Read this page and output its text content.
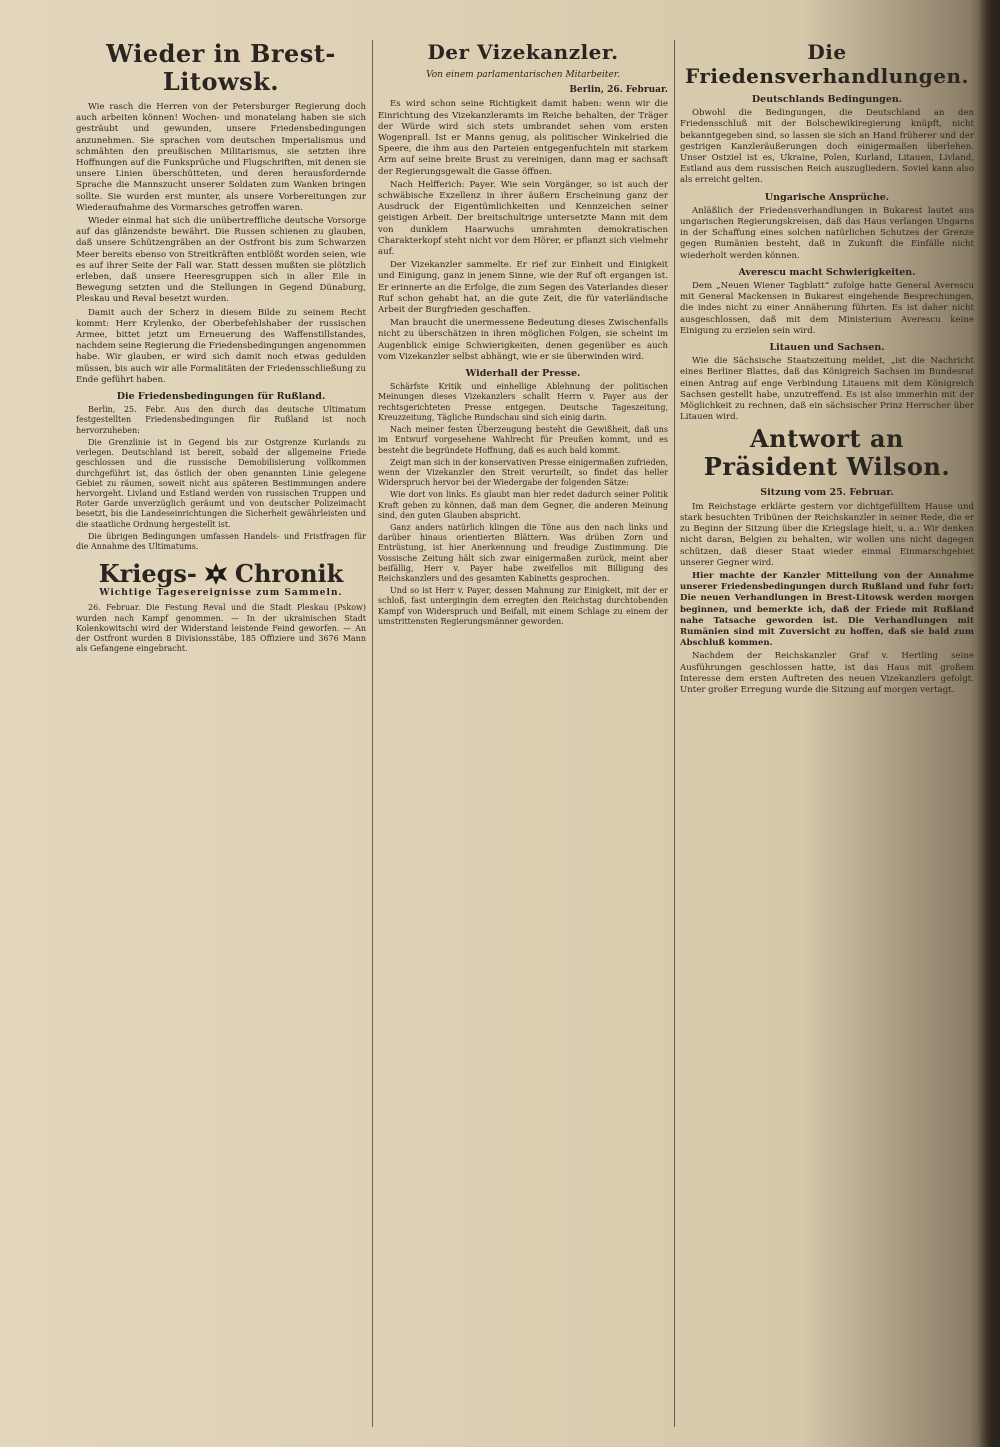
Wieder in Brest-Litowsk.

Wie rasch die Herren von der Petersburger Regierung doch auch arbeiten können! Wochen- und monatelang haben sie sich gesträubt und gewunden, unsere Friedensbedingungen anzunehmen. Sie sprachen vom deutschen Imperialismus und schmähten den preußischen Militarismus, sie setzten ihre Hoffnungen auf die Funksprüche und Flugschriften, mit denen sie unsere Linien überschütteten, und deren herausfordernde Sprache die Mannszucht unserer Soldaten zum Wanken bringen sollte. Sie wurden erst munter, als unsere Vorbereitungen zur Wiederaufnahme des Vormarsches getroffen waren.

Wieder einmal hat sich die unübertreffliche deutsche Vorsorge auf das glänzendste bewährt. Die Russen schienen zu glauben, daß unsere Schützengräben an der Ostfront bis zum Schwarzen Meer bereits ebenso von Streitkräften entblößt worden seien, wie es auf ihrer Seite der Fall war. Statt dessen mußten sie plötzlich erleben, daß unsere Heeresgruppen sich in aller Eile in Bewegung setzten und die Stellungen in Gegend Dünaburg, Pleskau und Reval besetzt wurden.

Damit auch der Scherz in diesem Bilde zu seinem Recht kommt: Herr Krylenko, der Oberbefehlshaber der russischen Armee, bittet jetzt um Erneuerung des Waffenstillstandes, nachdem seine Regierung die Friedensbedingungen angenommen habe. Wir glauben, er wird sich damit noch etwas gedulden müssen, bis auch wir alle Formalitäten der Friedensschließung zu Ende geführt haben.

Die Friedensbedingungen für Rußland.

Berlin, 25. Febr. Aus den durch das deutsche Ultimatum festgestellten Friedensbedingungen für Rußland ist noch hervorzuheben:

Die Grenzlinie ist in Gegend bis zur Ostgrenze Kurlands zu verlegen. Deutschland ist bereit, sobald der allgemeine Friede geschlossen und die russische Demobilisierung vollkommen durchgeführt ist, das östlich der oben genannten Linie gelegene Gebiet zu räumen, soweit nicht aus späteren Bestimmungen andere hervorgeht. Livland und Estland werden von russischen Truppen und Roter Garde unverzüglich geräumt und von deutscher Polizeimacht besetzt, bis die Landeseinrichtungen die Sicherheit gewährleisten und die staatliche Ordnung hergestellt ist.

Die übrigen Bedingungen umfassen Handels- und Fristfragen für die Annahme des Ultimatums.

Kriegs- Chronik
Wichtige Tagesereignisse zum Sammeln.

26. Februar. Die Festung Reval und die Stadt Pleskau (Pskow) wurden nach Kampf genommen. — In der ukrainischen Stadt Kolenkowitschi wird der Widerstand leistende Feind geworfen. — An der Ostfront wurden 8 Divisionsstäbe, 185 Offiziere und 3676 Mann als Gefangene eingebracht.

Der Vizekanzler.
Von einem parlamentarischen Mitarbeiter.
Berlin, 26. Februar.

Es wird schon seine Richtigkeit damit haben: wenn wir die Einrichtung des Vizekanzleramts im Reiche behalten, der Träger der Würde wird sich stets umbrandet sehen vom ersten Wogenprall. Ist er Manns genug, als politischer Winkelried die Speere, die ihm aus den Parteien entgegenfuchteln mit starkem Arm auf seine breite Brust zu vereinigen, dann mag er sachsaft der Regierungsgewalt die Gasse öffnen.

Nach Helfferich: Payer. Wie sein Vorgänger, so ist auch der schwäbische Exzellenz in ihrer äußern Erscheinung ganz der Ausdruck der Eigentümlichkeiten und Kennzeichen seiner geistigen Arbeit. Der breitschultrige untersetzte Mann mit dem von dunklem Haarwuchs umrahmten demokratischen Charakterkopf steht nicht vor dem Hörer, er pflanzt sich vielmehr auf.

Der Vizekanzler sammelte. Er rief zur Einheit und Einigkeit und Einigung, ganz in jenem Sinne, wie der Ruf oft ergangen ist. Er erinnerte an die Erfolge, die zum Segen des Vaterlandes dieser Ruf schon gehabt hat, an die gute Zeit, die für vaterländische Arbeit der Burgfrieden geschaffen.

Man braucht die unermessene Bedeutung dieses Zwischenfalls nicht zu überschätzen in ihren möglichen Folgen, sie scheint im Augenblick einige Schwierigkeiten, denen gegenüber es auch vom Vizekanzler selbst abhängt, wie er sie überwinden wird.

Widerhall der Presse.

Schärfste Kritik und einhellige Ablehnung der politischen Meinungen dieses Vizekanzlers schallt Herrn v. Payer aus der rechtsgerichteten Presse entgegen. Deutsche Tageszeitung, Kreuzzeitung, Tägliche Rundschau sind sich einig darin.

Nach meiner festen Überzeugung besteht die Gewißheit, daß uns im Entwurf vorgesehene Wahlrecht für Preußen kommt, und es besteht die begründete Hoffnung, daß es auch bald kommt.

Zeigt man sich in der konservativen Presse einigermaßen zufrieden, wenn der Vizekanzler den Streit verurteilt, so findet das heller Widerspruch hervor bei der Wiedergabe der folgenden Sätze:

Wie dort von links. Es glaubt man hier redet dadurch seiner Politik Kraft geben zu können, daß man dem Gegner, die anderen Meinung sind, den guten Glauben abspricht.

Ganz anders natürlich klingen die Töne aus den nach links und darüber hinaus orientierten Blättern. Was drüben Zorn und Entrüstung, ist hier Anerkennung und freudige Zustimmung. Die Vossische Zeitung hält sich zwar einigermaßen zurück, meint aber beifällig, Herr v. Payer habe zweifellos mit Billigung des Reichskanzlers und des gesamten Kabinetts gesprochen.

Und so ist Herr v. Payer, dessen Mahnung zur Einigkeit, mit der er schloß, fast untergingin dem erregten den Reichstag durchtobenden Kampf von Widerspruch und Beifall, mit einem Schlage zu einem der umstrittensten Regierungsmänner geworden.

Die Friedensverhandlungen.
Deutschlands Bedingungen.

Obwohl die Bedingungen, die Deutschland an den Friedensschluß mit der Bolschewikiregierung knüpft, nicht bekanntgegeben sind, so lassen sie sich an Hand früherer und der gestrigen Kanzleräußerungen doch einigermaßen überlehen. Unser Ostziel ist es, Ukraine, Polen, Kurland, Litauen, Livland, Estland aus dem russischen Reich auszugliedern. Soviel kann also als erreicht gelten.

Ungarische Ansprüche.

Anläßlich der Friedensverhandlungen in Bukarest lautet aus ungarischen Regierungskreisen, daß das Haus verlangen Ungarns in der Schaffung eines solchen natürlichen Schutzes der Grenze gegen Rumänien besteht, daß in Zukunft die Einfälle nicht wiederholt werden können.

Averescu macht Schwierigkeiten.

Dem „Neuen Wiener Tagblatt“ zufolge hatte General Averescu mit General Mackensen in Bukarest eingehende Besprechungen, die indes nicht zu einer Annäherung führten. Es ist daher nicht ausgeschlossen, daß mit dem Ministerium Averescu keine Einigung zu erzielen sein wird.

Litauen und Sachsen.

Wie die Sächsische Staatszeitung meldet, „ist die Nachricht eines Berliner Blattes, daß das Königreich Sachsen im Bundesrat einen Antrag auf enge Verbindung Litauens mit dem Königreich Sachsen gestellt habe, unzutreffend. Es ist also immerhin mit der Möglichkeit zu rechnen, daß ein sächsischer Prinz Herrscher über Litauen wird.

Antwort an Präsident Wilson.
Sitzung vom 25. Februar.

Im Reichstage erklärte gestern vor dichtgefülltem Hause und stark besuchten Tribünen der Reichskanzler in seiner Rede, die er zu Beginn der Sitzung über die Kriegslage hielt, u. a.: Wir denken nicht daran, Belgien zu behalten, wir wollen uns nicht dagegen schützen, daß dieser Staat wieder einmal Einmarschgebiet unserer Gegner wird.

Hier machte der Kanzler Mitteilung von der Annahme unserer Friedensbedingungen durch Rußland und fuhr fort: Die neuen Verhandlungen in Brest-Litowsk werden morgen beginnen, und bemerkte ich, daß der Friede mit Rußland nahe Tatsache geworden ist. Die Verhandlungen mit Rumänien sind mit Zuversicht zu hoffen, daß sie bald zum Abschluß kommen.

Nachdem der Reichskanzler Graf v. Hertling seine Ausführungen geschlossen hatte, ist das Haus mit großem Interesse dem ersten Auftreten des neuen Vizekanzlers gefolgt. Unter großer Erregung wurde die Sitzung auf morgen vertagt.
